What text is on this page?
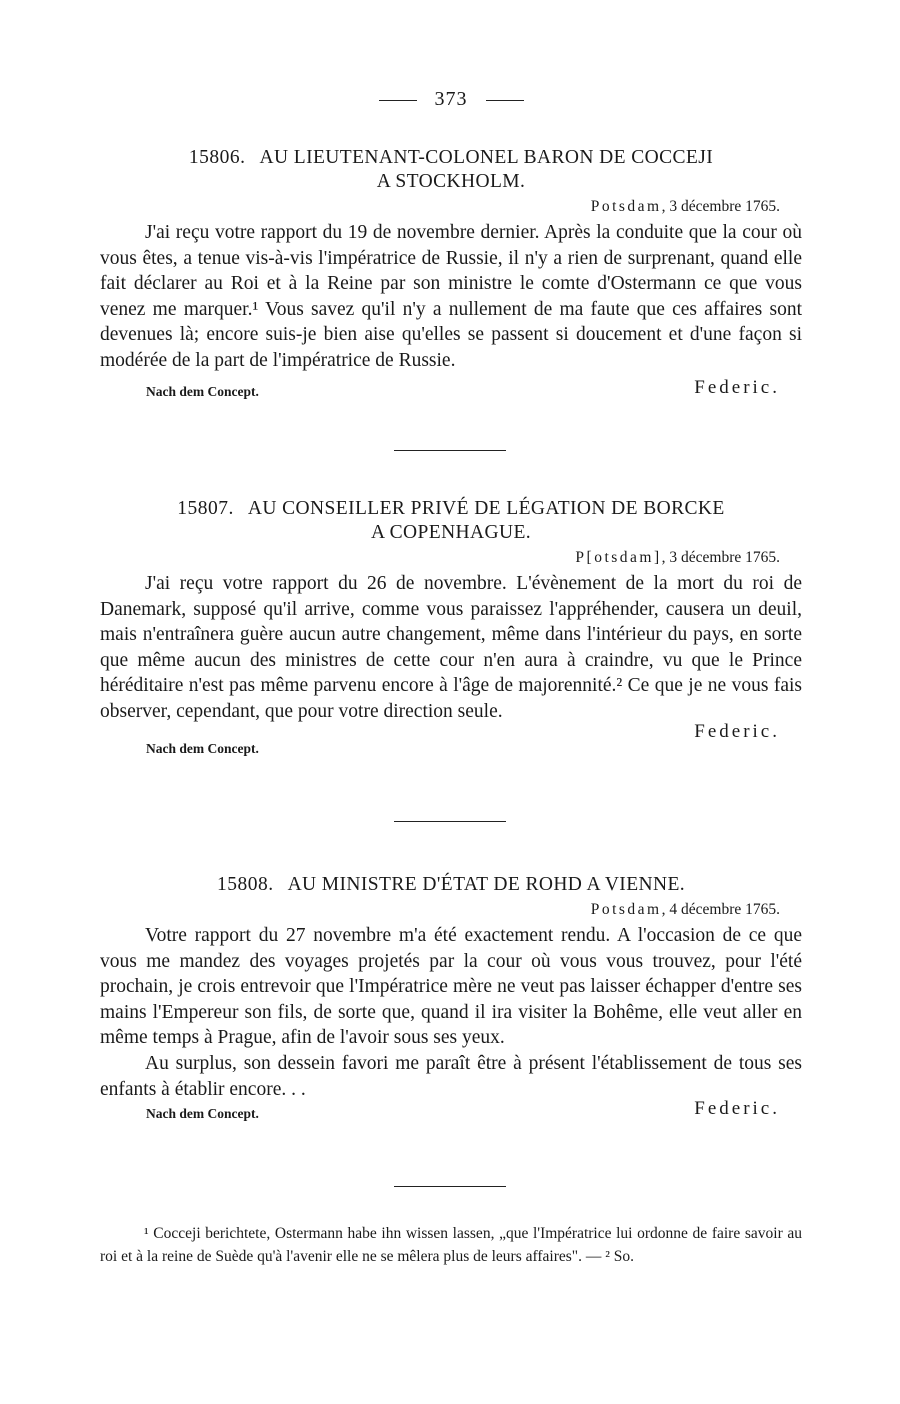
373
15806. AU LIEUTENANT-COLONEL BARON DE COCCEJI
A STOCKHOLM.
Potsdam, 3 décembre 1765.

J'ai reçu votre rapport du 19 de novembre dernier. Après la conduite que la cour où vous êtes, a tenue vis-à-vis l'impératrice de Russie, il n'y a rien de surprenant, quand elle fait déclarer au Roi et à la Reine par son ministre le comte d'Ostermann ce que vous venez me marquer.¹ Vous savez qu'il n'y a nullement de ma faute que ces affaires sont devenues là; encore suis-je bien aise qu'elles se passent si doucement et d'une façon si modérée de la part de l'impératrice de Russie.

Nach dem Concept.	Federic.
15807. AU CONSEILLER PRIVÉ DE LÉGATION DE BORCKE
A COPENHAGUE.
P[otsdam], 3 décembre 1765.

J'ai reçu votre rapport du 26 de novembre. L'évènement de la mort du roi de Danemark, supposé qu'il arrive, comme vous paraissez l'appréhender, causera un deuil, mais n'entraînera guère aucun autre changement, même dans l'intérieur du pays, en sorte que même aucun des ministres de cette cour n'en aura à craindre, vu que le Prince héréditaire n'est pas même parvenu encore à l'âge de majorennité.² Ce que je ne vous fais observer, cependant, que pour votre direction seule.

Federic.
Nach dem Concept.
15808. AU MINISTRE D'ÉTAT DE ROHD A VIENNE.
Potsdam, 4 décembre 1765.

Votre rapport du 27 novembre m'a été exactement rendu. A l'occasion de ce que vous me mandez des voyages projetés par la cour où vous vous trouvez, pour l'été prochain, je crois entrevoir que l'Impératrice mère ne veut pas laisser échapper d'entre ses mains l'Empereur son fils, de sorte que, quand il ira visiter la Bohême, elle veut aller en même temps à Prague, afin de l'avoir sous ses yeux.

Au surplus, son dessein favori me paraît être à présent l'établissement de tous ses enfants à établir encore. . .

Nach dem Concept.	Federic.

¹ Cocceji berichtete, Ostermann habe ihn wissen lassen, „que l'Impératrice lui ordonne de faire savoir au roi et à la reine de Suède qu'à l'avenir elle ne se mêlera plus de leurs affaires". — ² So.
